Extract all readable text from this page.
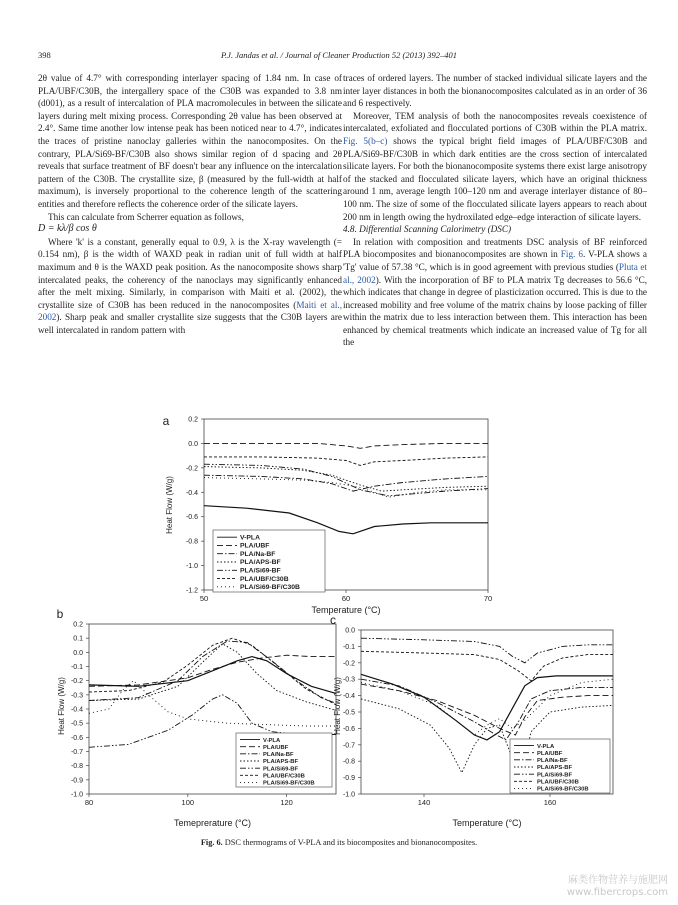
398	P.J. Jandas et al. / Journal of Cleaner Production 52 (2013) 392–401

2θ value of 4.7° with corresponding interlayer spacing of 1.84 nm. In case of PLA/UBF/C30B, the intergallery space of the C30B was expanded to 3.8 nm (d001), as a result of intercalation of PLA macromolecules in between the silicate layers during melt mixing process. Corresponding 2θ value has been observed at 2.4°. Same time another low intense peak has been noticed near to 4.7°, indicates the traces of pristine nanoclay galleries within the nanocomposites. On the contrary, PLA/Si69-BF/C30B also shows similar region of d spacing and 2θ reveals that surface treatment of BF doesn't bear any influence on the intercalation pattern of the C30B. The crystallite size, β (measured by the full-width at half maximum), is inversely proportional to the coherence length of the scattering entities and therefore reflects the coherence order of the silicate layers.

This can calculate from Scherrer equation as follows,

D = kλ/β cos θ

Where 'k' is a constant, generally equal to 0.9, λ is the X-ray wavelength (= 0.154 nm), β is the width of WAXD peak in radian unit of full width at half maximum and θ is the WAXD peak position. As the nanocomposite shows sharp intercalated peaks, the coherency of the nanoclays may significantly enhanced after the melt mixing. Similarly, in comparison with Maiti et al. (2002), the crystallite size of C30B has been reduced in the nanocomposites (Maiti et al., 2002). Sharp peak and smaller crystallite size suggests that the C30B layers are well intercalated in random pattern with

traces of ordered layers. The number of stacked individual silicate layers and the inter layer distances in both the bionanocomposites calculated as in an order of 36 and 6 respectively.

Moreover, TEM analysis of both the nanocomposites reveals coexistence of intercalated, exfoliated and flocculated portions of C30B within the PLA matrix. Fig. 5(b–c) shows the typical bright field images of PLA/UBF/C30B and PLA/Si69-BF/C30B in which dark entities are the cross section of intercalated silicate layers. For both the bionanocomposite systems there exist large anisotropy of the stacked and flocculated silicate layers, which have an original thickness around 1 nm, average length 100–120 nm and average interlayer distance of 80–100 nm. The size of some of the flocculated silicate layers appears to reach about 200 nm in length owing the hydroxilated edge–edge interaction of silicate layers.

4.8. Differential Scanning Calorimetry (DSC)

In relation with composition and treatments DSC analysis of BF reinforced PLA biocomposites and bionanocomposites are shown in Fig. 6. V-PLA shows a 'Tg' value of 57.38 °C, which is in good agreement with previous studies (Pluta et al., 2002). With the incorporation of BF to PLA matrix Tg decreases to 56.6 °C, which indicates that change in degree of plasticization occurred. This is due to the increased mobility and free volume of the matrix chains by loose packing of filler within the matrix due to less interaction between them. This interaction has been enhanced by chemical treatments which indicate an increased value of Tg for all the

a	0.2
0.0
-0.2
-0.4
-0.6
-0.8
-1.0
-1.2
50	60	70
Temperature (°C)
Heat Flow (W/g)
V-PLA
PLA/UBF
PLA/Na-BF
PLA/APS-BF
PLA/Si69-BF
PLA/UBF/C30B
PLA/Si69-BF/C30B
b
0.2
0.1
0.0
-0.1
-0.2
-0.3
-0.4
-0.5
-0.6
-0.7
-0.8
-0.9
-1.0
80	100	120
Temeprerature (°C)
Heat Flow (W/g)
V-PLA
PLA/UBF
PLA/Na-BF
PLA/APS-BF
PLA/Si69-BF
PLA/UBF/C30B
PLA/Si69-BF/C30B
c
0.0
-0.1
-0.2
-0.3
-0.4
-0.5
-0.6
-0.7
-0.8
-0.9
-1.0
140	160
Temperature (°C)
Heat Flow (W/g)
V-PLA
PLA/UBF
PLA/Na-BF
PLA/APS-BF
PLA/Si69-BF
PLA/UBF/C30B
PLA/Si69-BF/C30B
Fig. 6. DSC thermograms of V-PLA and its biocomposites and bionanocomposites.
麻类作物营养与施肥网
www.fibercrops.com
